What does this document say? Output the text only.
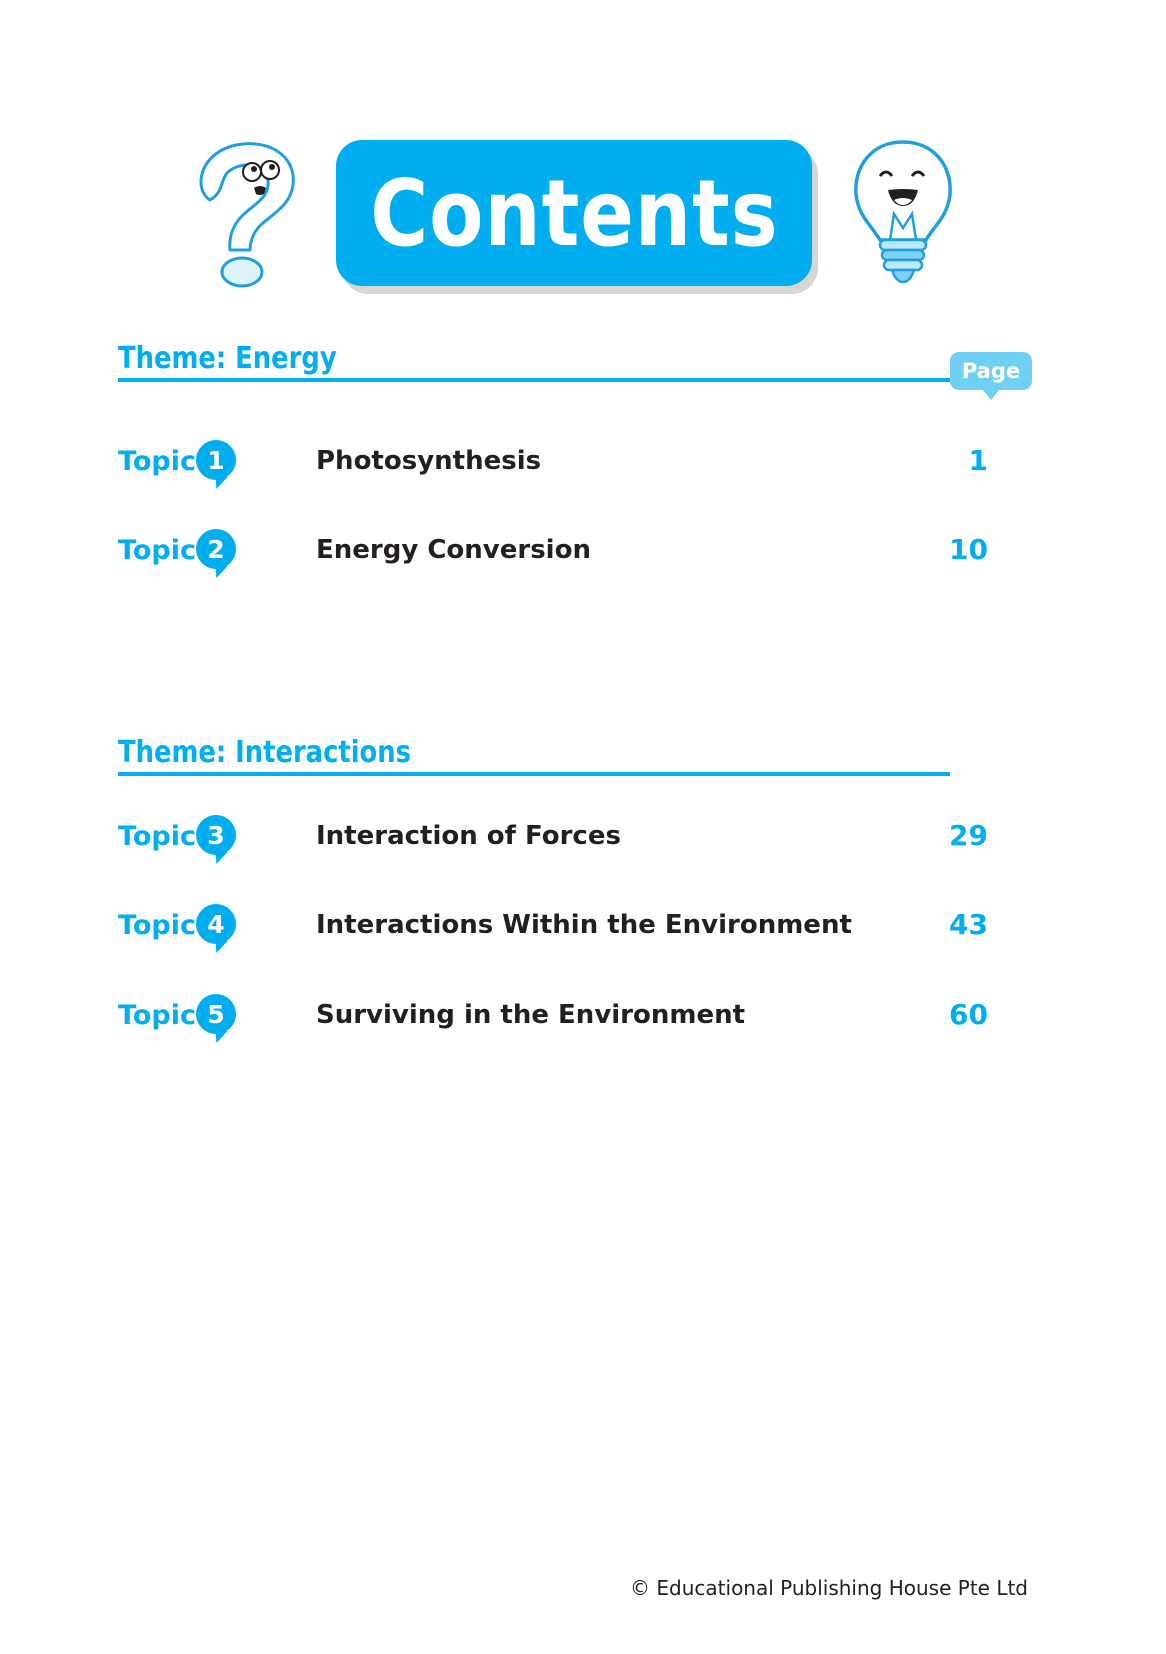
Contents
Theme: Energy	Page
Topic 1	Photosynthesis	1
Topic 2	Energy Conversion	10
Theme: Interactions
Topic 3	Interaction of Forces	29
Topic 4	Interactions Within the Environment	43
Topic 5	Surviving in the Environment	60
© Educational Publishing House Pte Ltd
